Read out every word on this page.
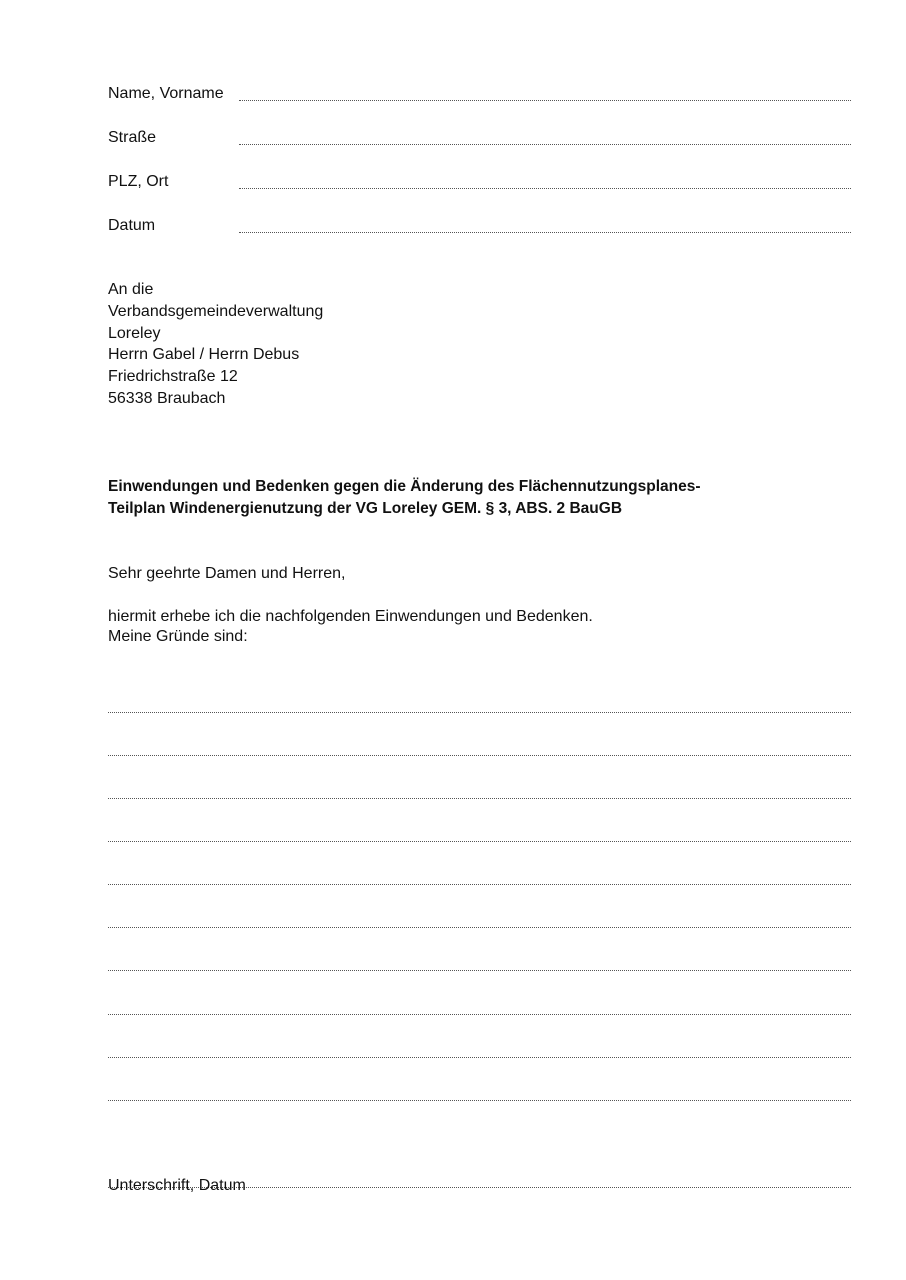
Name, Vorname
Straße
PLZ, Ort
Datum
An die
Verbandsgemeindeverwaltung
Loreley
Herrn Gabel / Herrn Debus
Friedrichstraße 12
56338 Braubach
Einwendungen und Bedenken gegen die Änderung des Flächennutzungsplanes-
Teilplan Windenergienutzung der VG Loreley GEM. § 3, ABS. 2 BauGB
Sehr geehrte Damen und Herren,
hiermit erhebe ich die nachfolgenden Einwendungen und Bedenken.
Meine Gründe sind:
Unterschrift, Datum
